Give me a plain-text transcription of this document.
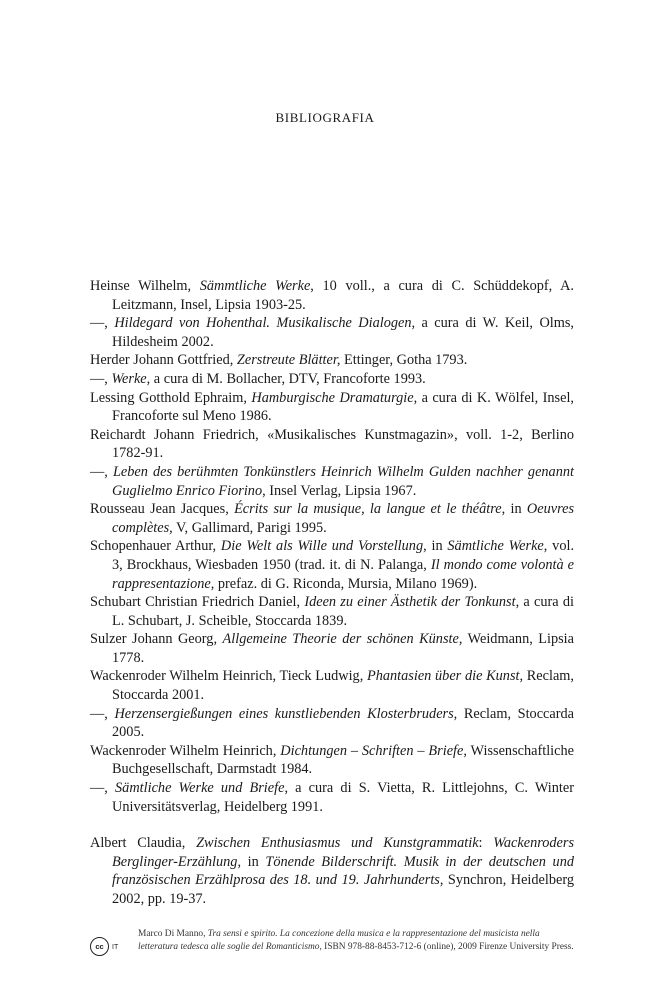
BIBLIOGRAFIA

Heinse Wilhelm, Sämmtliche Werke, 10 voll., a cura di C. Schüddekopf, A. Leitzmann, Insel, Lipsia 1903-25.

––, Hildegard von Hohenthal. Musikalische Dialogen, a cura di W. Keil, Olms, Hildesheim 2002.

Herder Johann Gottfried, Zerstreute Blätter, Ettinger, Gotha 1793.

––, Werke, a cura di M. Bollacher, DTV, Francoforte 1993.

Lessing Gotthold Ephraim, Hamburgische Dramaturgie, a cura di K. Wölfel, Insel, Francoforte sul Meno 1986.

Reichardt Johann Friedrich, «Musikalisches Kunstmagazin», voll. 1-2, Berlino 1782-91.

––, Leben des berühmten Tonkünstlers Heinrich Wilhelm Gulden nachher genannt Guglielmo Enrico Fiorino, Insel Verlag, Lipsia 1967.

Rousseau Jean Jacques, Écrits sur la musique, la langue et le théâtre, in Oeuvres complètes, V, Gallimard, Parigi 1995.

Schopenhauer Arthur, Die Welt als Wille und Vorstellung, in Sämtliche Werke, vol. 3, Brockhaus, Wiesbaden 1950 (trad. it. di N. Palanga, Il mondo come volontà e rappresentazione, prefaz. di G. Riconda, Mursia, Milano 1969).

Schubart Christian Friedrich Daniel, Ideen zu einer Ästhetik der Tonkunst, a cura di L. Schubart, J. Scheible, Stoccarda 1839.

Sulzer Johann Georg, Allgemeine Theorie der schönen Künste, Weidmann, Lipsia 1778.

Wackenroder Wilhelm Heinrich, Tieck Ludwig, Phantasien über die Kunst, Reclam, Stoccarda 2001.

––, Herzensergießungen eines kunstliebenden Klosterbruders, Reclam, Stoccarda 2005.

Wackenroder Wilhelm Heinrich, Dichtungen – Schriften – Briefe, Wissenschaftliche Buchgesellschaft, Darmstadt 1984.

––, Sämtliche Werke und Briefe, a cura di S. Vietta, R. Littlejohns, C. Winter Universitätsverlag, Heidelberg 1991.

Albert Claudia, Zwischen Enthusiasmus und Kunstgrammatik: Wackenroders Berglinger-Erzählung, in Tönende Bilderschrift. Musik in der deutschen und französischen Erzählprosa des 18. und 19. Jahrhunderts, Synchron, Heidelberg 2002, pp. 19-37.

cc	IT
Marco Di Manno, Tra sensi e spirito. La concezione della musica e la rappresentazione del musicista nella letteratura tedesca alle soglie del Romanticismo, ISBN 978-88-8453-712-6 (online), 2009 Firenze University Press.
